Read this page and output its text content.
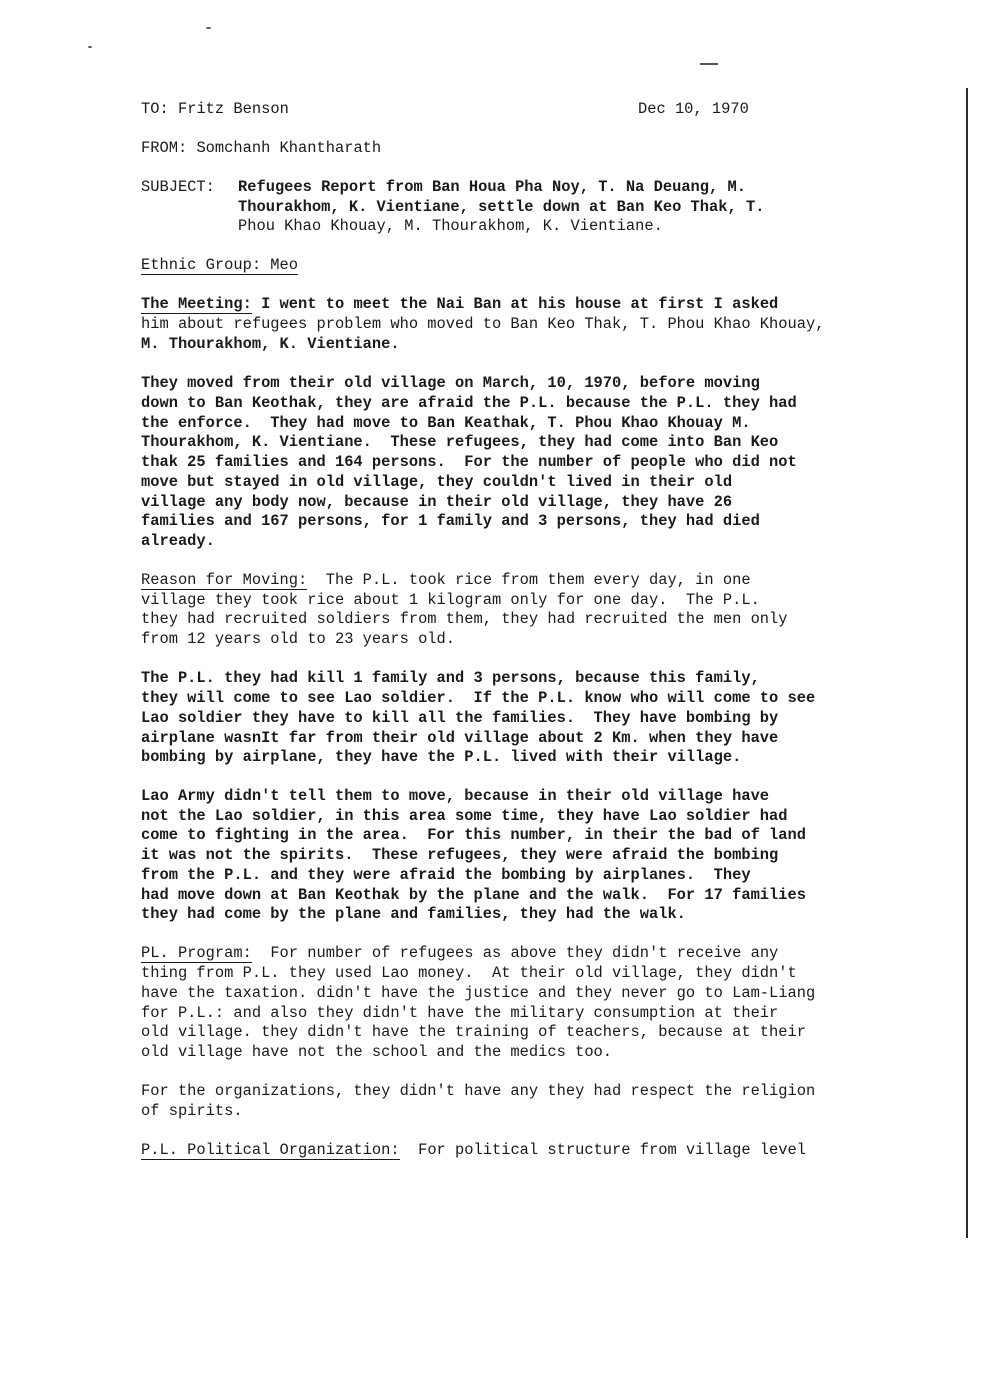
TO: Fritz Benson	Dec 10, 1970

FROM: Somchanh Khantharath

SUBJECT: Refugees Report from Ban Houa Pha Noy, T. Na Deuang, M.

Thourakhom, K. Vientiane, settle down at Ban Keo Thak, T.

Phou Khao Khouay, M. Thourakhom, K. Vientiane.

Ethnic Group: Meo

The Meeting: I went to meet the Nai Ban at his house at first I asked

him about refugees problem who moved to Ban Keo Thak, T. Phou Khao Khouay,

M. Thourakhom, K. Vientiane.

They moved from their old village on March, 10, 1970, before moving

down to Ban Keothak, they are afraid the P.L. because the P.L. they had

the enforce.  They had move to Ban Keathak, T. Phou Khao Khouay M.

Thourakhom, K. Vientiane.  These refugees, they had come into Ban Keo

thak 25 families and 164 persons.  For the number of people who did not

move but stayed in old village, they couldn't lived in their old

village any body now, because in their old village, they have 26

families and 167 persons, for 1 family and 3 persons, they had died

already.

Reason for Moving:  The P.L. took rice from them every day, in one

village they took rice about 1 kilogram only for one day.  The P.L.

they had recruited soldiers from them, they had recruited the men only

from 12 years old to 23 years old.

The P.L. they had kill 1 family and 3 persons, because this family,

they will come to see Lao soldier.  If the P.L. know who will come to see

Lao soldier they have to kill all the families.  They have bombing by

airplane wasnIt far from their old village about 2 Km. when they have

bombing by airplane, they have the P.L. lived with their village.

Lao Army didn't tell them to move, because in their old village have

not the Lao soldier, in this area some time, they have Lao soldier had

come to fighting in the area.  For this number, in their the bad of land

it was not the spirits.  These refugees, they were afraid the bombing

from the P.L. and they were afraid the bombing by airplanes.  They

had move down at Ban Keothak by the plane and the walk.  For 17 families

they had come by the plane and families, they had the walk.

PL. Program:  For number of refugees as above they didn't receive any

thing from P.L. they used Lao money.  At their old village, they didn't

have the taxation. didn't have the justice and they never go to Lam-Liang

for P.L.: and also they didn't have the military consumption at their

old village. they didn't have the training of teachers, because at their

old village have not the school and the medics too.

For the organizations, they didn't have any they had respect the religion

of spirits.

P.L. Political Organization:  For political structure from village level
